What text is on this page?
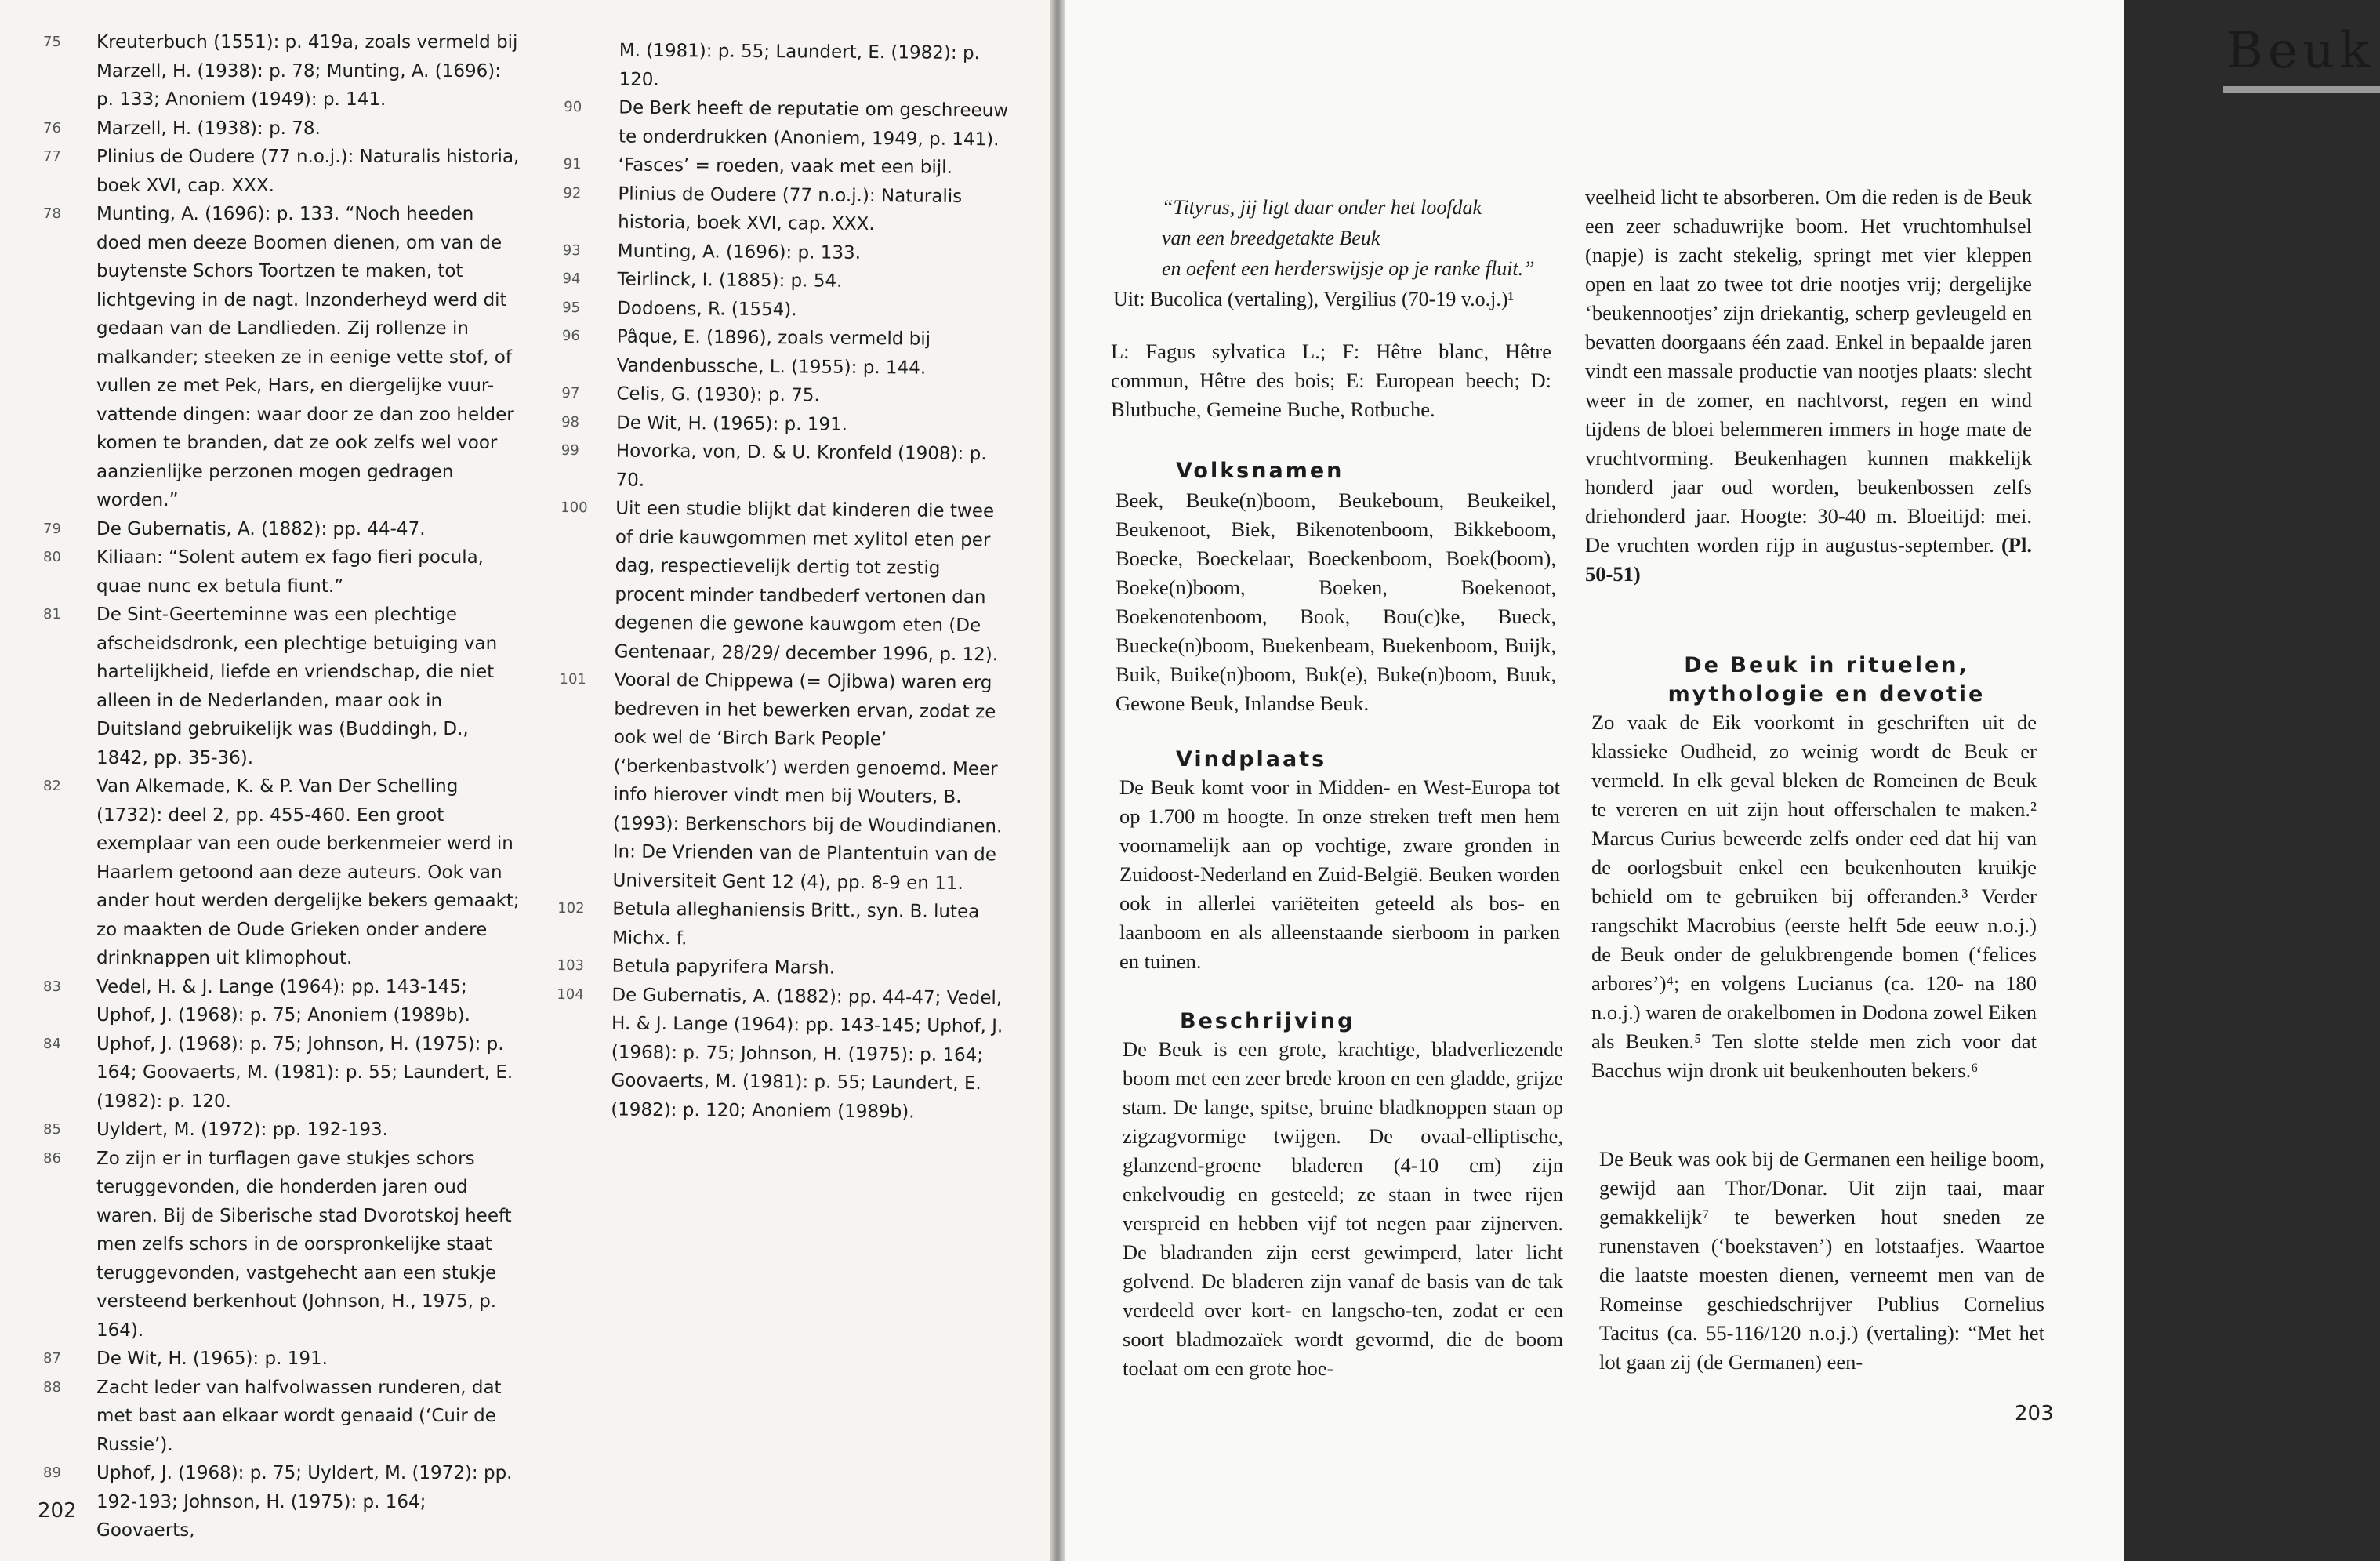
75 Kreuterbuch (1551): p. 419a, zoals vermeld bij Marzell, H. (1938): p. 78; Munting, A. (1696): p. 133; Anoniem (1949): p. 141.
76 Marzell, H. (1938): p. 78.
77 Plinius de Oudere (77 n.o.j.): Naturalis historia, boek XVI, cap. XXX.
78 Munting, A. (1696): p. 133. “Noch heeden doed men deeze Boomen dienen, om van de buytenste Schors Toortzen te maken, tot lichtgeving in de nagt. Inzonderheyd werd dit gedaan van de Landlieden. Zij rollenze in malkander; steeken ze in eenige vette stof, of vullen ze met Pek, Hars, en diergelijke vuur-vattende dingen: waar door ze dan zoo helder komen te branden, dat ze ook zelfs wel voor aanzienlijke perzonen mogen gedragen worden.”
79 De Gubernatis, A. (1882): pp. 44-47.
80 Kiliaan: “Solent autem ex fago fieri pocula, quae nunc ex betula fiunt.”
81 De Sint-Geerteminne was een plechtige afscheidsdronk, een plechtige betuiging van hartelijkheid, liefde en vriendschap, die niet alleen in de Nederlanden, maar ook in Duitsland gebruikelijk was (Buddingh, D., 1842, pp. 35-36).
82 Van Alkemade, K. & P. Van Der Schelling (1732): deel 2, pp. 455-460. Een groot exemplaar van een oude berkenmeier werd in Haarlem getoond aan deze auteurs. Ook van ander hout werden dergelijke bekers gemaakt; zo maakten de Oude Grieken onder andere drinknappen uit klimophout.
83 Vedel, H. & J. Lange (1964): pp. 143-145; Uphof, J. (1968): p. 75; Anoniem (1989b).
84 Uphof, J. (1968): p. 75; Johnson, H. (1975): p. 164; Goovaerts, M. (1981): p. 55; Laundert, E. (1982): p. 120.
85 Uyldert, M. (1972): pp. 192-193.
86 Zo zijn er in turflagen gave stukjes schors teruggevonden, die honderden jaren oud waren. Bij de Siberische stad Dvorotskoj heeft men zelfs schors in de oorspronkelijke staat teruggevonden, vastgehecht aan een stukje versteend berkenhout (Johnson, H., 1975, p. 164).
87 De Wit, H. (1965): p. 191.
88 Zacht leder van halfvolwassen runderen, dat met bast aan elkaar wordt genaaid (‘Cuir de Russie’).
89 Uphof, J. (1968): p. 75; Uyldert, M. (1972): pp. 192-193; Johnson, H. (1975): p. 164; Goovaerts,
M. (1981): p. 55; Laundert, E. (1982): p. 120.
90 De Berk heeft de reputatie om geschreeuw te onderdrukken (Anoniem, 1949, p. 141).
91 ‘Fasces’ = roeden, vaak met een bijl.
92 Plinius de Oudere (77 n.o.j.): Naturalis historia, boek XVI, cap. XXX.
93 Munting, A. (1696): p. 133.
94 Teirlinck, I. (1885): p. 54.
95 Dodoens, R. (1554).
96 Pâque, E. (1896), zoals vermeld bij Vandenbussche, L. (1955): p. 144.
97 Celis, G. (1930): p. 75.
98 De Wit, H. (1965): p. 191.
99 Hovorka, von, D. & U. Kronfeld (1908): p. 70.
100 Uit een studie blijkt dat kinderen die twee of drie kauwgommen met xylitol eten per dag, respectievelijk dertig tot zestig procent minder tandbederf vertonen dan degenen die gewone kauwgom eten (De Gentenaar, 28/29/ december 1996, p. 12).
101 Vooral de Chippewa (= Ojibwa) waren erg bedreven in het bewerken ervan, zodat ze ook wel de ‘Birch Bark People’ (‘berkenbastvolk’) werden genoemd. Meer info hierover vindt men bij Wouters, B. (1993): Berkenschors bij de Woudindianen. In: De Vrienden van de Plantentuin van de Universiteit Gent 12 (4), pp. 8-9 en 11.
102 Betula alleghaniensis Britt., syn. B. lutea Michx. f.
103 Betula papyrifera Marsh.
104 De Gubernatis, A. (1882): pp. 44-47; Vedel, H. & J. Lange (1964): pp. 143-145; Uphof, J. (1968): p. 75; Johnson, H. (1975): p. 164; Goovaerts, M. (1981): p. 55; Laundert, E. (1982): p. 120; Anoniem (1989b).
202
Beuk
“Tityrus, jij ligt daar onder het loofdak
van een breedgetakte Beuk
en oefent een herderswijsje op je ranke fluit.”
Uit: Bucolica (vertaling), Vergilius (70-19 v.o.j.)¹

L: Fagus sylvatica L.; F: Hêtre blanc, Hêtre commun, Hêtre des bois; E: European beech; D: Blutbuche, Gemeine Buche, Rotbuche.

Volksnamen

Beek, Beuke(n)boom, Beukeboum, Beukeikel, Beukenoot, Biek, Bikenotenboom, Bikkeboom, Boecke, Boeckelaar, Boeckenboom, Boek(boom), Boeke(n)boom, Boeken, Boekenoot, Boekenotenboom, Book, Bou(c)ke, Bueck, Buecke(n)boom, Buekenbeam, Buekenboom, Buijk, Buik, Buike(n)boom, Buk(e), Buke(n)boom, Buuk, Gewone Beuk, Inlandse Beuk.

Vindplaats

De Beuk komt voor in Midden- en West-Europa tot op 1.700 m hoogte. In onze streken treft men hem voornamelijk aan op vochtige, zware gronden in Zuidoost-Nederland en Zuid-België. Beuken worden ook in allerlei variëteiten geteeld als bos- en laanboom en als alleenstaande sierboom in parken en tuinen.

Beschrijving

De Beuk is een grote, krachtige, bladverliezende boom met een zeer brede kroon en een gladde, grijze stam. De lange, spitse, bruine bladknoppen staan op zigzagvormige twijgen. De ovaal-elliptische, glanzend-groene bladeren (4-10 cm) zijn enkelvoudig en gesteeld; ze staan in twee rijen verspreid en hebben vijf tot negen paar zijnerven. De bladranden zijn eerst gewimperd, later licht golvend. De bladeren zijn vanaf de basis van de tak verdeeld over kort- en langscho-ten, zodat er een soort bladmozaïek wordt gevormd, die de boom toelaat om een grote hoe-

veelheid licht te absorberen. Om die reden is de Beuk een zeer schaduwrijke boom. Het vruchtomhulsel (napje) is zacht stekelig, springt met vier kleppen open en laat zo twee tot drie nootjes vrij; dergelijke ‘beukennootjes’ zijn driekantig, scherp gevleugeld en bevatten doorgaans één zaad. Enkel in bepaalde jaren vindt een massale productie van nootjes plaats: slecht weer in de zomer, en nachtvorst, regen en wind tijdens de bloei belemmeren immers in hoge mate de vruchtvorming. Beukenhagen kunnen makkelijk honderd jaar oud worden, beukenbossen zelfs driehonderd jaar. Hoogte: 30-40 m. Bloeitijd: mei. De vruchten worden rijp in augustus-september. (Pl. 50-51)

De Beuk in rituelen,
mythologie en devotie

Zo vaak de Eik voorkomt in geschriften uit de klassieke Oudheid, zo weinig wordt de Beuk er vermeld. In elk geval bleken de Romeinen de Beuk te vereren en uit zijn hout offerschalen te maken.² Marcus Curius beweerde zelfs onder eed dat hij van de oorlogsbuit enkel een beukenhouten kruikje behield om te gebruiken bij offeranden.³ Verder rangschikt Macrobius (eerste helft 5de eeuw n.o.j.) de Beuk onder de gelukbrengende bomen (‘felices arbores’)⁴; en volgens Lucianus (ca. 120- na 180 n.o.j.) waren de orakelbomen in Dodona zowel Eiken als Beuken.⁵ Ten slotte stelde men zich voor dat Bacchus wijn dronk uit beukenhouten bekers.⁶

De Beuk was ook bij de Germanen een heilige boom, gewijd aan Thor/Donar. Uit zijn taai, maar gemakkelijk⁷ te bewerken hout sneden ze runenstaven (‘boekstaven’) en lotstaafjes. Waartoe die laatste moesten dienen, verneemt men van de Romeinse geschiedschrijver Publius Cornelius Tacitus (ca. 55-116/120 n.o.j.) (vertaling): “Met het lot gaan zij (de Germanen) een-

203
